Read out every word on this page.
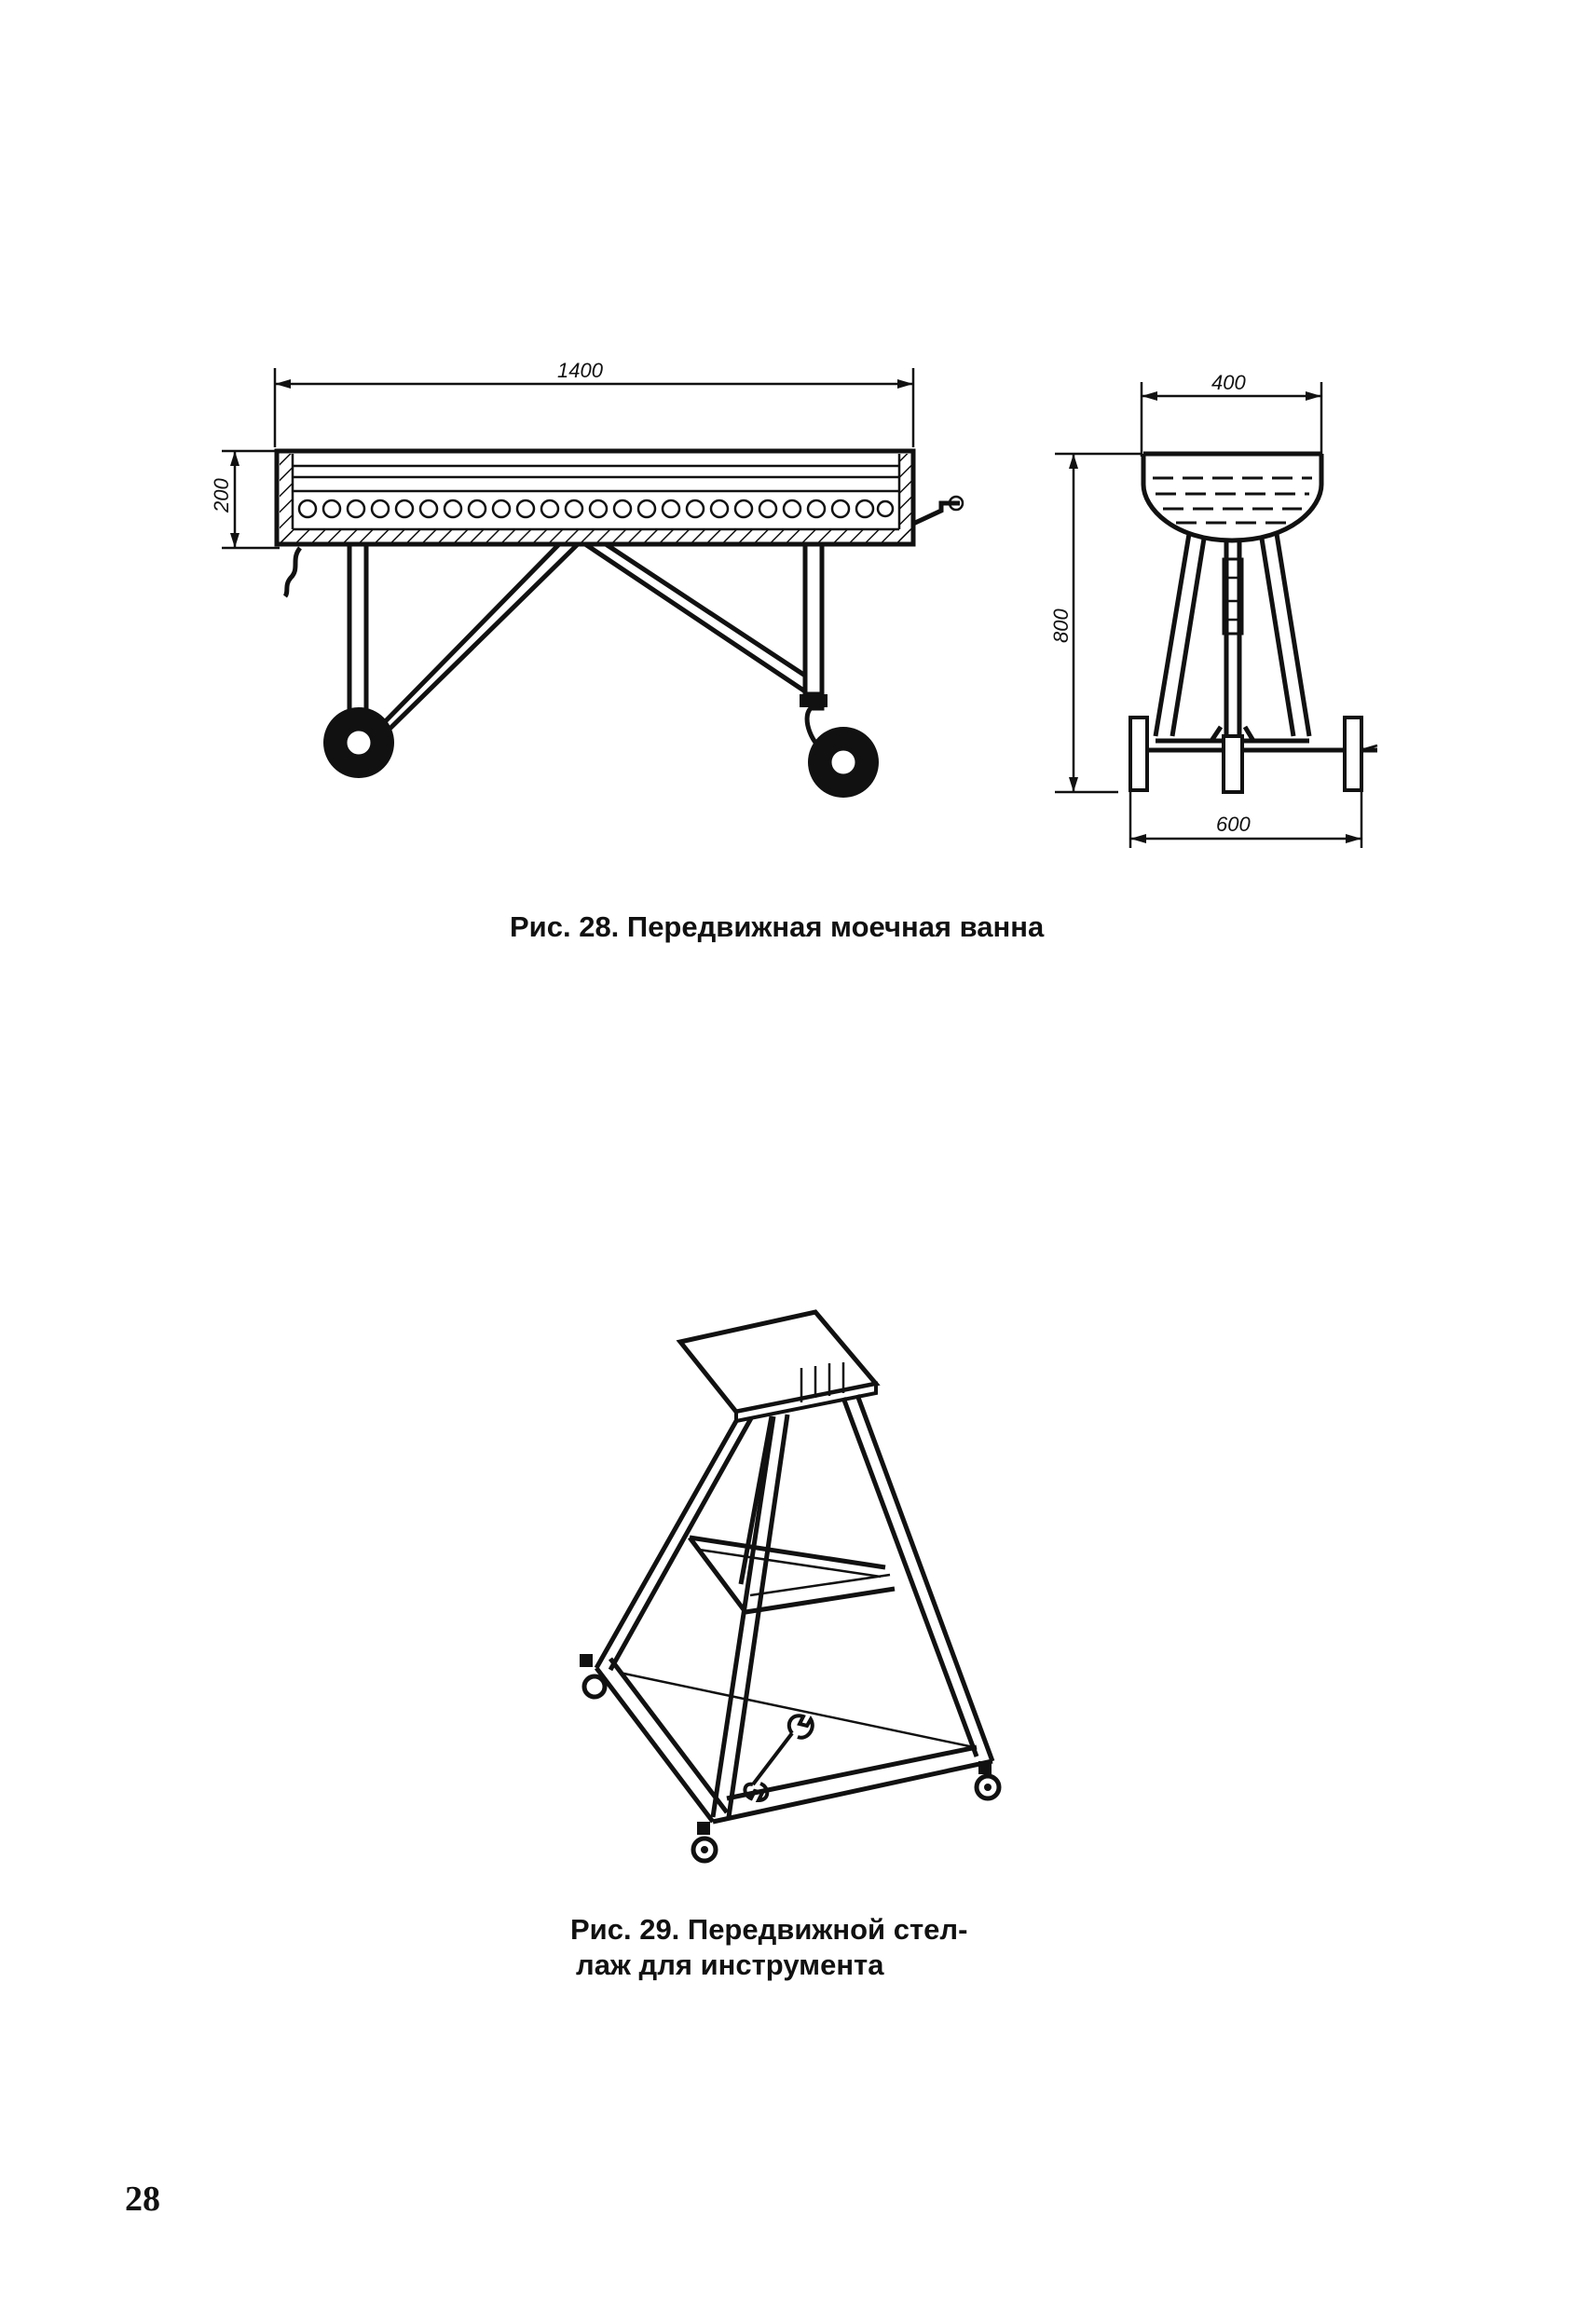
1400
200
400
800
600
Рис. 28. Передвижная моечная ванна
Рис. 29. Передвижной стел-
лаж для инструмента
28
